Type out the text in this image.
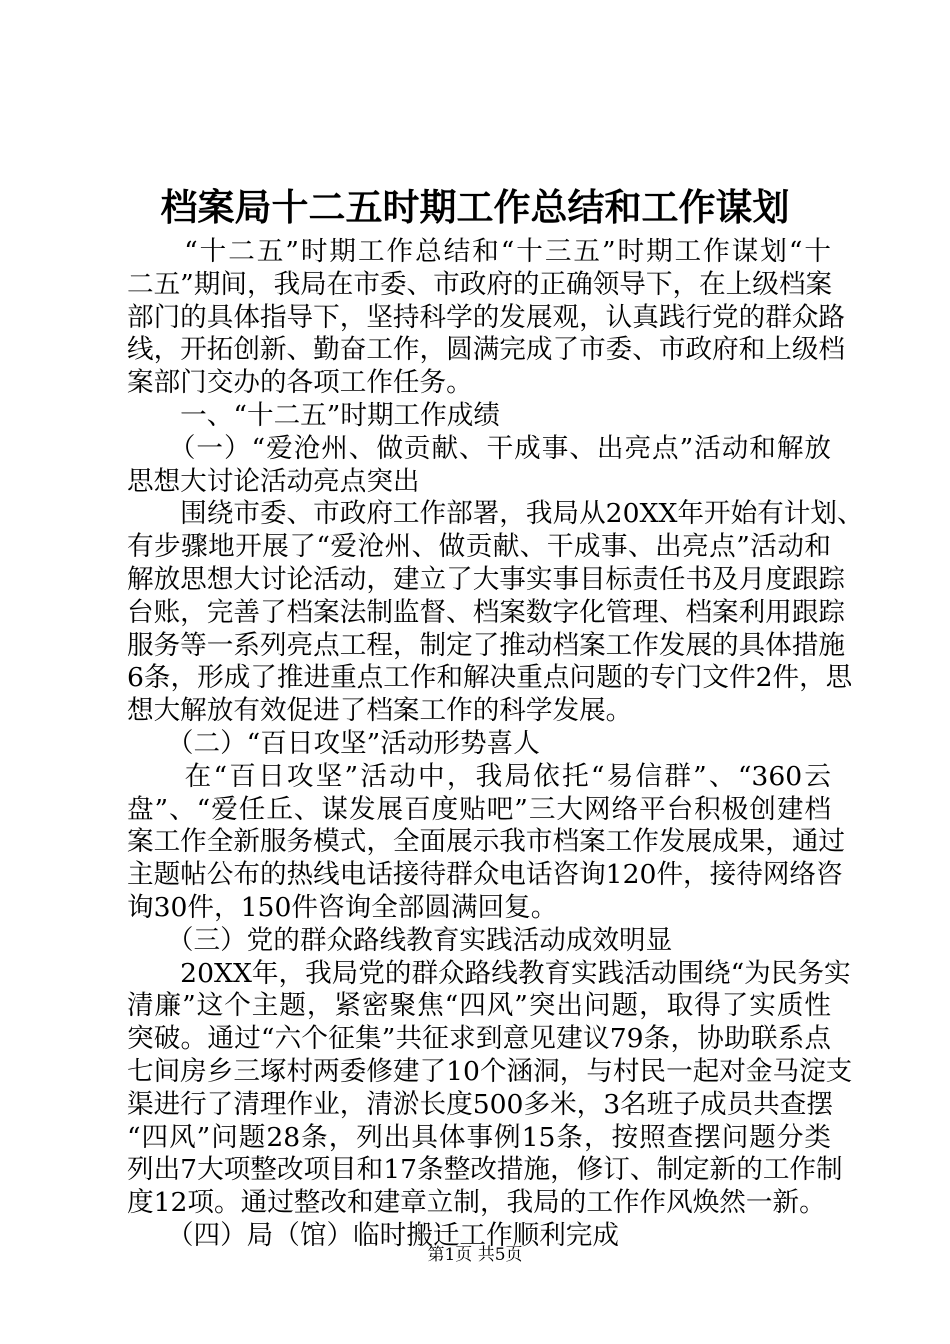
档案局十二五时期工作总结和工作谋划
　　“十二五”时期工作总结和“十三五”时期工作谋划“十
二五”期间，我局在市委、市政府的正确领导下，在上级档案
部门的具体指导下，坚持科学的发展观，认真践行党的群众路
线，开拓创新、勤奋工作，圆满完成了市委、市政府和上级档
案部门交办的各项工作任务。
　　一、“十二五”时期工作成绩
　　（一）“爱沧州、做贡献、干成事、出亮点”活动和解放
思想大讨论活动亮点突出
　　围绕市委、市政府工作部署，我局从20XX年开始有计划、
有步骤地开展了“爱沧州、做贡献、干成事、出亮点”活动和
解放思想大讨论活动，建立了大事实事目标责任书及月度跟踪
台账，完善了档案法制监督、档案数字化管理、档案利用跟踪
服务等一系列亮点工程，制定了推动档案工作发展的具体措施
6条，形成了推进重点工作和解决重点问题的专门文件2件，思
想大解放有效促进了档案工作的科学发展。
　　（二）“百日攻坚”活动形势喜人
　　在“百日攻坚”活动中，我局依托“易信群”、“360云
盘”、“爱任丘、谋发展百度贴吧”三大网络平台积极创建档
案工作全新服务模式，全面展示我市档案工作发展成果，通过
主题帖公布的热线电话接待群众电话咨询120件，接待网络咨
询30件，150件咨询全部圆满回复。
　　（三）党的群众路线教育实践活动成效明显
　　20XX年，我局党的群众路线教育实践活动围绕“为民务实
清廉”这个主题，紧密聚焦“四风”突出问题，取得了实质性
突破。通过“六个征集”共征求到意见建议79条，协助联系点
七间房乡三塚村两委修建了10个涵洞，与村民一起对金马淀支
渠进行了清理作业，清淤长度500多米，3名班子成员共查摆
“四风”问题28条，列出具体事例15条，按照查摆问题分类
列出7大项整改项目和17条整改措施，修订、制定新的工作制
度12项。通过整改和建章立制，我局的工作作风焕然一新。
　　（四）局（馆）临时搬迁工作顺利完成
第1页 共5页
